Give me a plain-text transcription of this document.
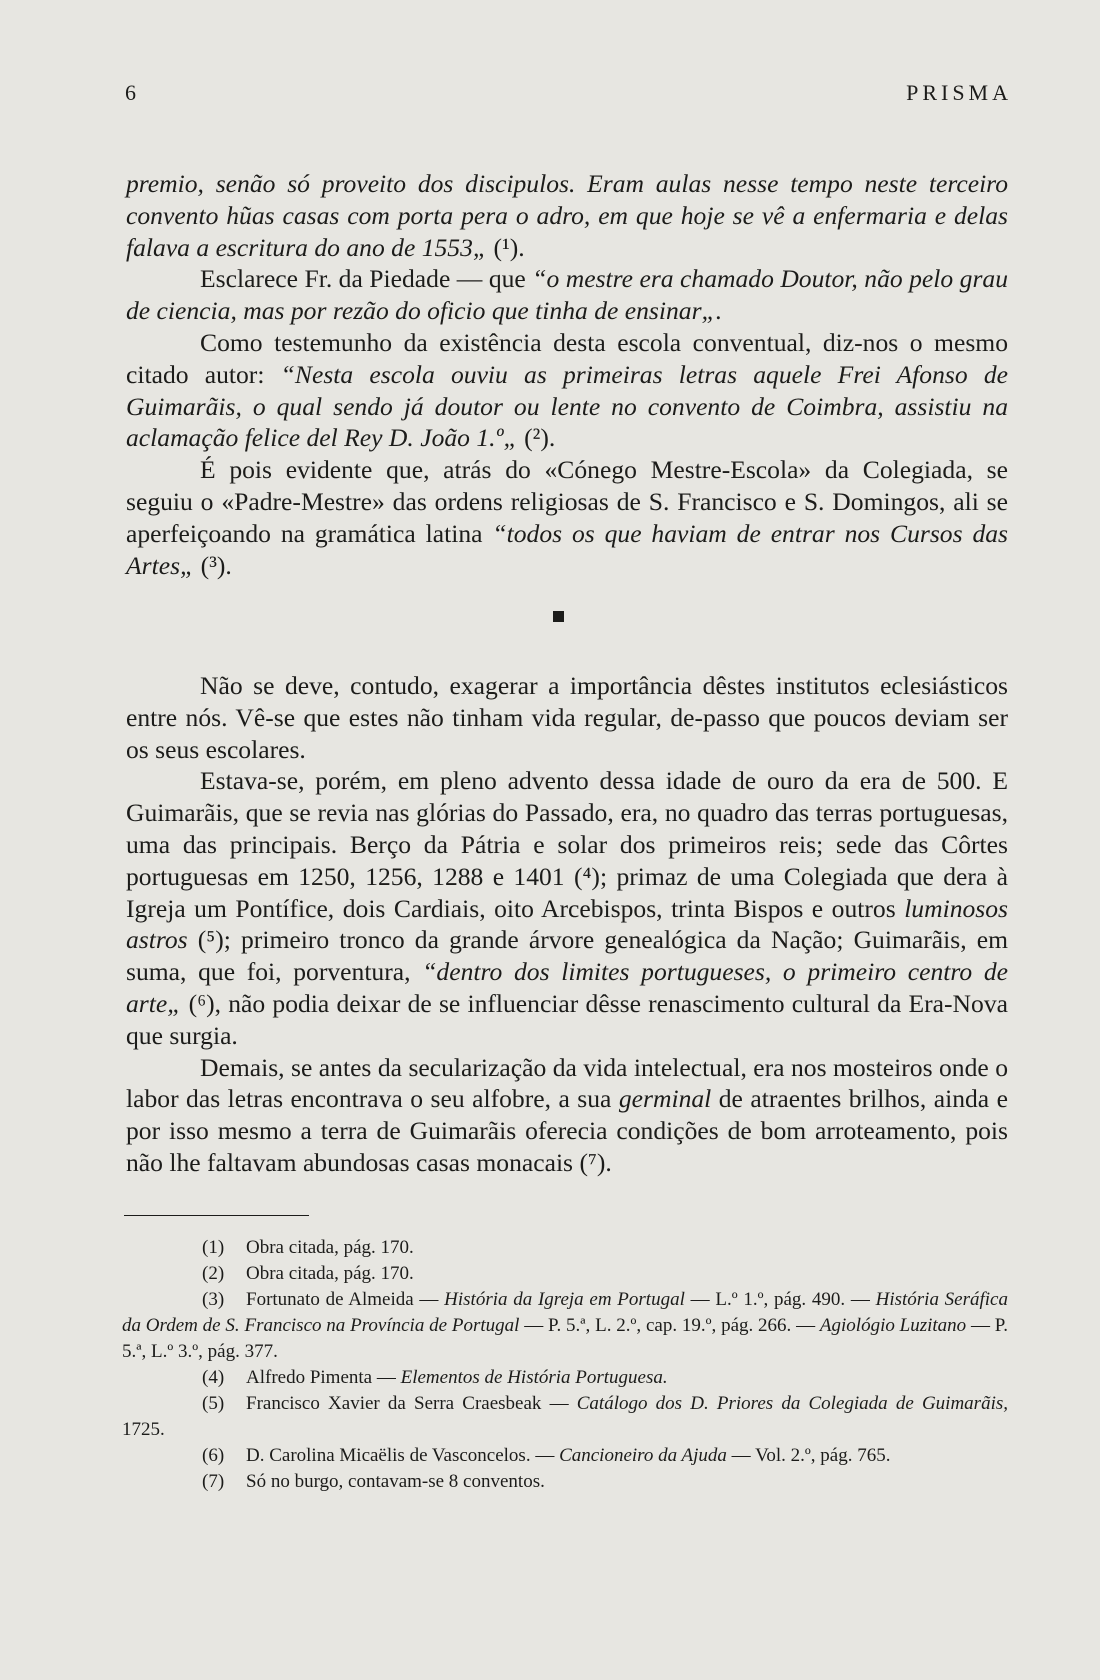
6	PRISMA

premio, senão só proveito dos discipulos. Eram aulas nesse tempo neste terceiro convento hũas casas com porta pera o adro, em que hoje se vê a enfermaria e delas falava a escritura do ano de 1553„ (¹).

Esclarece Fr. da Piedade — que “o mestre era chamado Doutor, não pelo grau de ciencia, mas por rezão do oficio que tinha de ensinar„.

Como testemunho da existência desta escola conventual, diz-nos o mesmo citado autor: “Nesta escola ouviu as primeiras letras aquele Frei Afonso de Guimarãis, o qual sendo já doutor ou lente no convento de Coimbra, assistiu na aclamação felice del Rey D. João 1.º„ (²).

É pois evidente que, atrás do «Cónego Mestre-Escola» da Colegiada, se seguiu o «Padre-Mestre» das ordens religiosas de S. Francisco e S. Domingos, ali se aperfeiçoando na gramática latina “todos os que haviam de entrar nos Cursos das Artes„ (³).

Não se deve, contudo, exagerar a importância dêstes institutos eclesiásticos entre nós. Vê-se que estes não tinham vida regular, de-passo que poucos deviam ser os seus escolares.

Estava-se, porém, em pleno advento dessa idade de ouro da era de 500. E Guimarãis, que se revia nas glórias do Passado, era, no quadro das terras portuguesas, uma das principais. Berço da Pátria e solar dos primeiros reis; sede das Côrtes portuguesas em 1250, 1256, 1288 e 1401 (⁴); primaz de uma Colegiada que dera à Igreja um Pontífice, dois Cardiais, oito Arcebispos, trinta Bispos e outros luminosos astros (⁵); primeiro tronco da grande árvore genealógica da Nação; Guimarãis, em suma, que foi, porventura, “dentro dos limites portugueses, o primeiro centro de arte„ (⁶), não podia deixar de se influenciar dêsse renascimento cultural da Era-Nova que surgia.

Demais, se antes da secularização da vida intelectual, era nos mosteiros onde o labor das letras encontrava o seu alfobre, a sua germinal de atraentes brilhos, ainda e por isso mesmo a terra de Guimarãis oferecia condições de bom arroteamento, pois não lhe faltavam abundosas casas monacais (⁷).

(1) Obra citada, pág. 170.

(2) Obra citada, pág. 170.

(3) Fortunato de Almeida — História da Igreja em Portugal — L.º 1.º, pág. 490. — História Seráfica da Ordem de S. Francisco na Província de Portugal — P. 5.ª, L. 2.º, cap. 19.º, pág. 266. — Agiológio Luzitano — P. 5.ª, L.º 3.º, pág. 377.

(4) Alfredo Pimenta — Elementos de História Portuguesa.

(5) Francisco Xavier da Serra Craesbeak — Catálogo dos D. Priores da Colegiada de Guimarãis, 1725.

(6) D. Carolina Micaëlis de Vasconcelos. — Cancioneiro da Ajuda — Vol. 2.º, pág. 765.

(7) Só no burgo, contavam-se 8 conventos.
